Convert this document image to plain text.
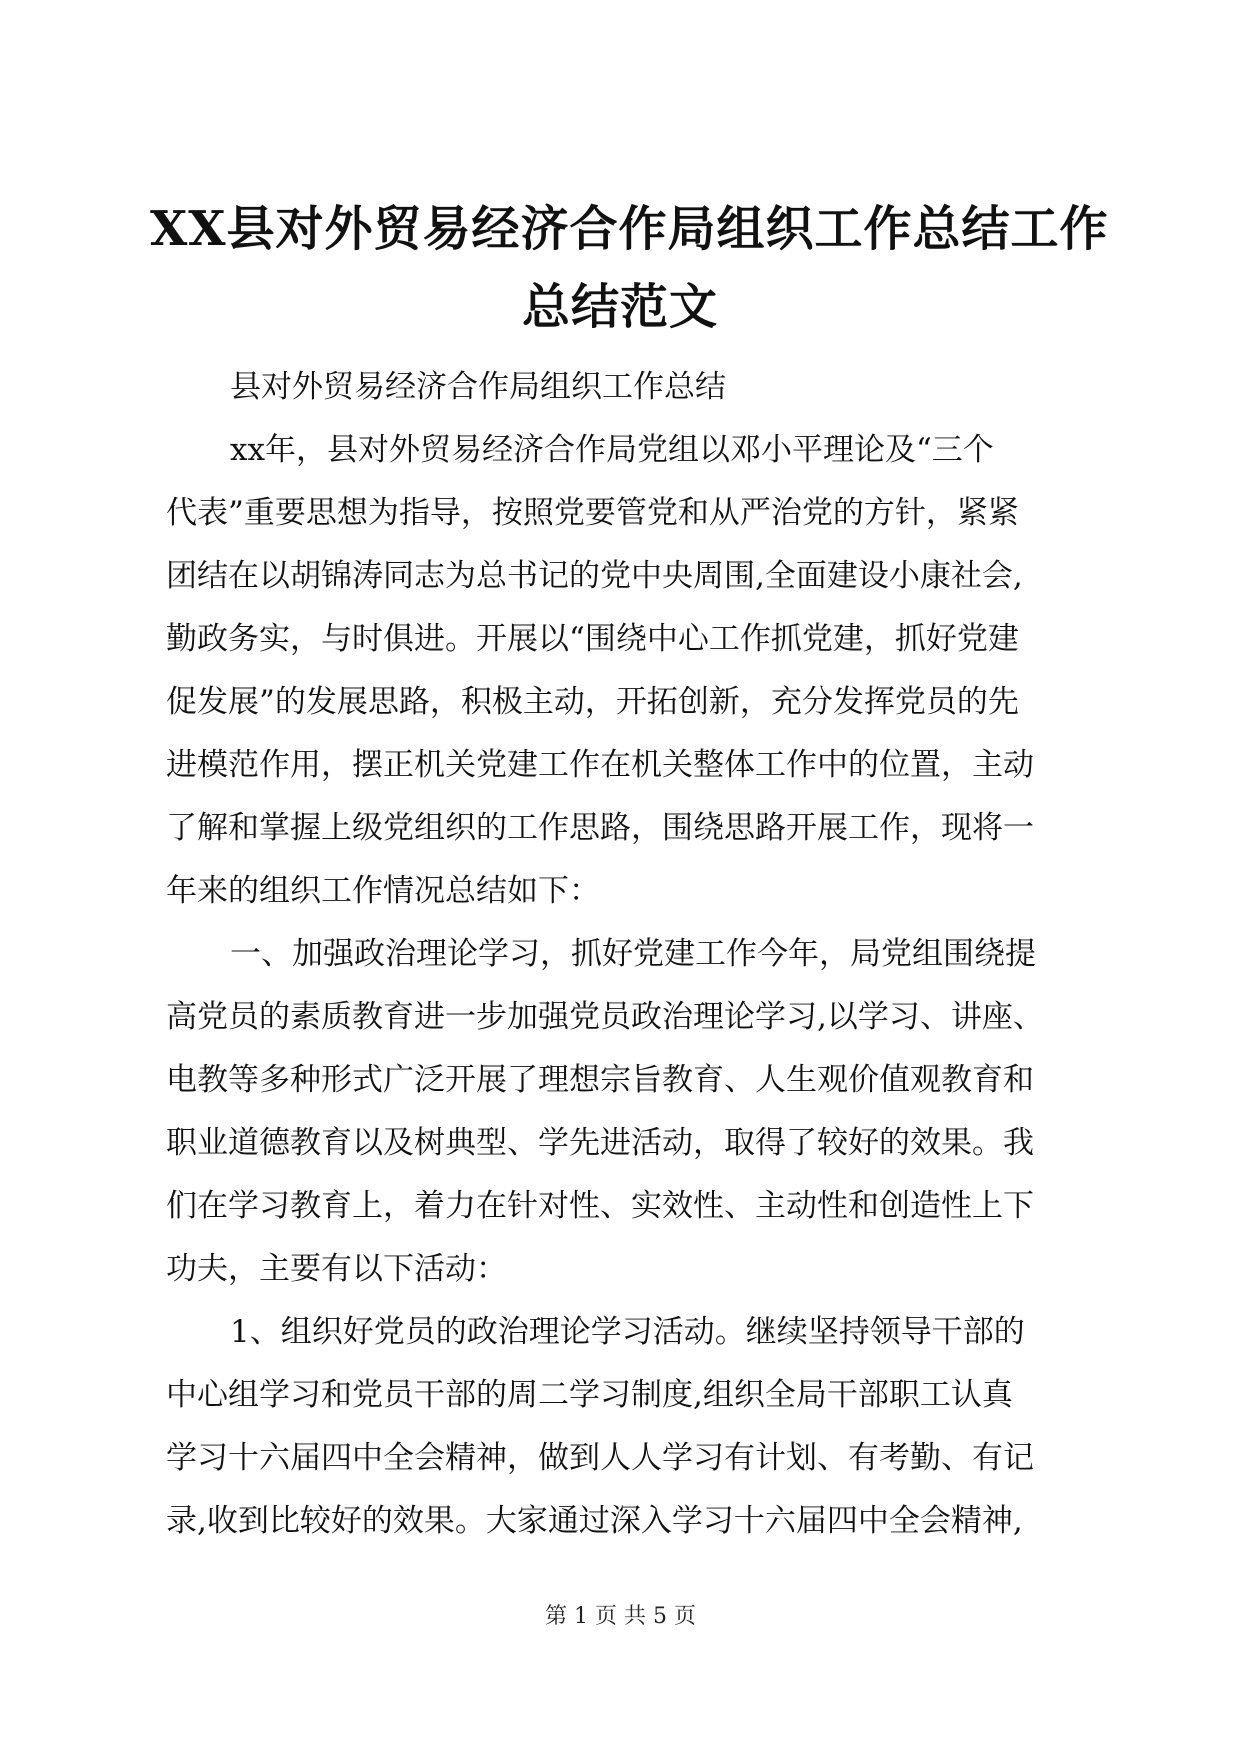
XX县对外贸易经济合作局组织工作总结工作
总结范文

县对外贸易经济合作局组织工作总结

xx年，县对外贸易经济合作局党组以邓小平理论及“三个
代表”重要思想为指导，按照党要管党和从严治党的方针，紧紧
团结在以胡锦涛同志为总书记的党中央周围,全面建设小康社会,
勤政务实，与时俱进。开展以“围绕中心工作抓党建，抓好党建
促发展”的发展思路，积极主动，开拓创新，充分发挥党员的先
进模范作用，摆正机关党建工作在机关整体工作中的位置，主动
了解和掌握上级党组织的工作思路，围绕思路开展工作，现将一
年来的组织工作情况总结如下：

一、加强政治理论学习，抓好党建工作今年，局党组围绕提
高党员的素质教育进一步加强党员政治理论学习,以学习、讲座、
电教等多种形式广泛开展了理想宗旨教育、人生观价值观教育和
职业道德教育以及树典型、学先进活动，取得了较好的效果。我
们在学习教育上，着力在针对性、实效性、主动性和创造性上下
功夫，主要有以下活动：

1、组织好党员的政治理论学习活动。继续坚持领导干部的
中心组学习和党员干部的周二学习制度,组织全局干部职工认真
学习十六届四中全会精神，做到人人学习有计划、有考勤、有记
录,收到比较好的效果。大家通过深入学习十六届四中全会精神,

第 1 页 共 5 页
